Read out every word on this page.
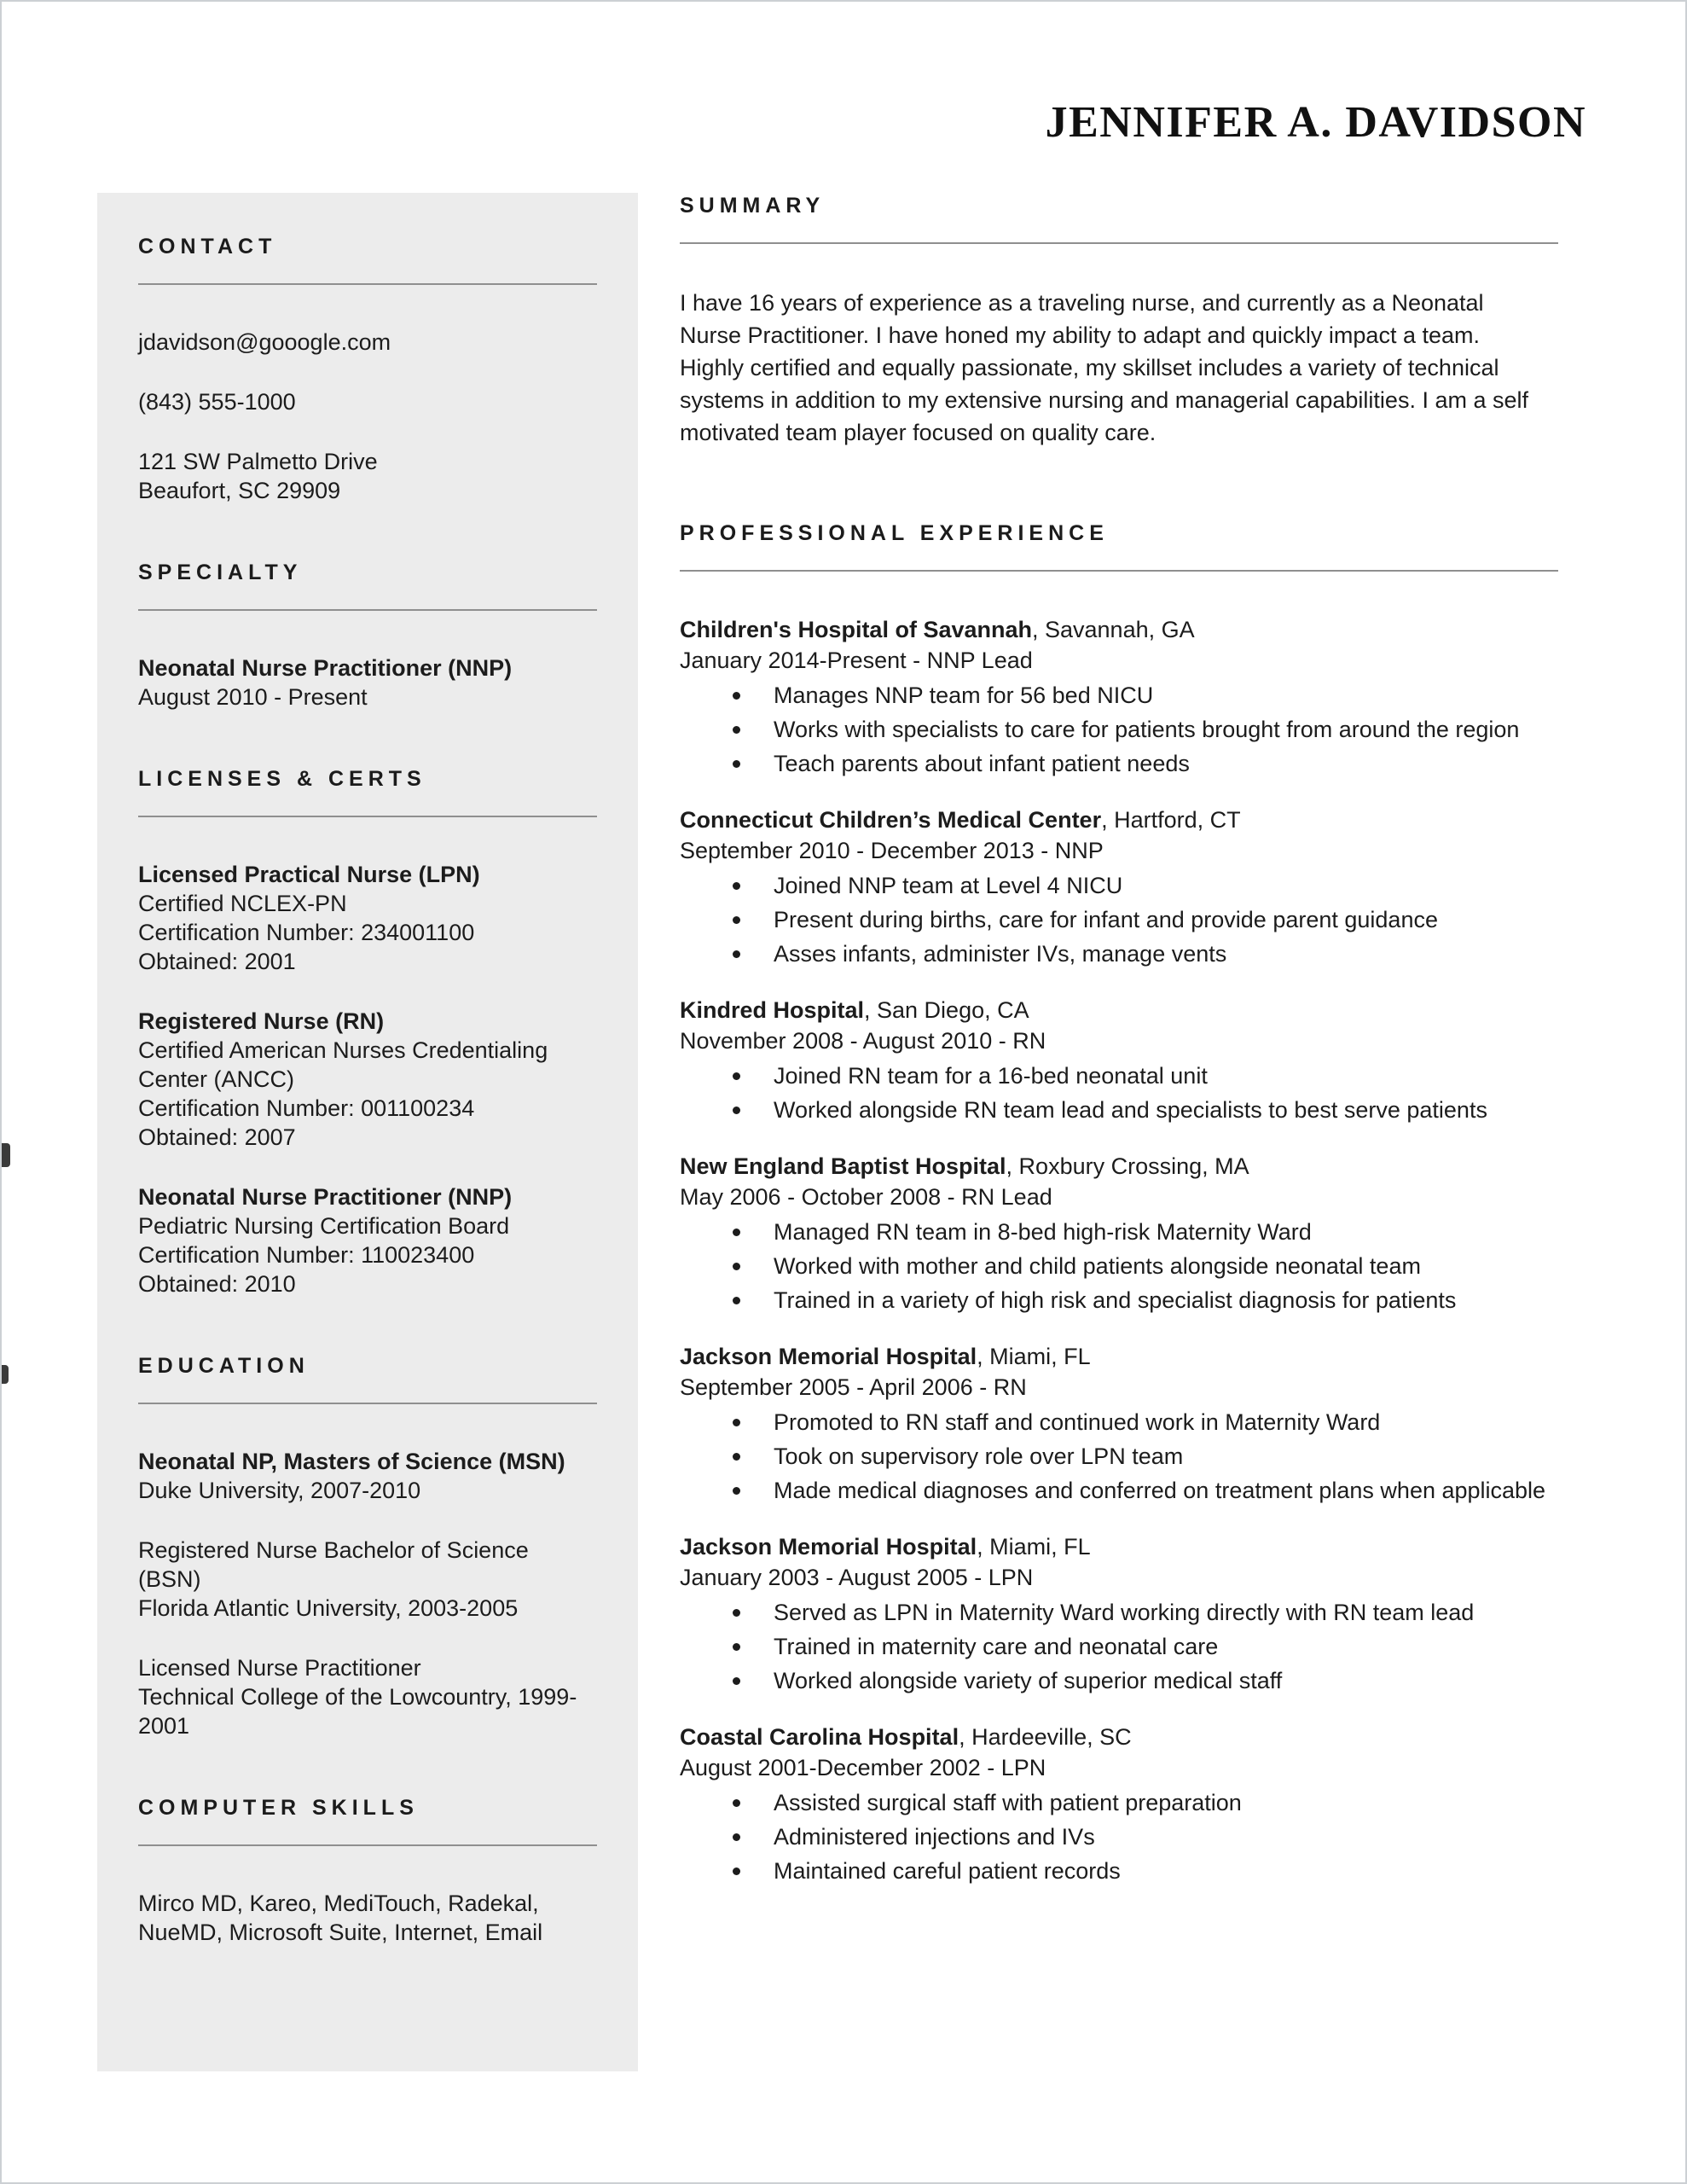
JENNIFER A. DAVIDSON
CONTACT
jdavidson@gooogle.com
(843) 555-1000
121 SW Palmetto Drive
Beaufort, SC 29909
SPECIALTY
Neonatal Nurse Practitioner (NNP)
August 2010 - Present
LICENSES & CERTS
Licensed Practical Nurse (LPN)
Certified NCLEX-PN
Certification Number: 234001100
Obtained: 2001
Registered Nurse (RN)
Certified American Nurses Credentialing Center (ANCC)
Certification Number: 001100234
Obtained: 2007
Neonatal Nurse Practitioner (NNP)
Pediatric Nursing Certification Board
Certification Number: 110023400
Obtained: 2010
EDUCATION
Neonatal NP, Masters of Science (MSN)
Duke University, 2007-2010
Registered Nurse Bachelor of Science (BSN)
Florida Atlantic University, 2003-2005
Licensed Nurse Practitioner
Technical College of the Lowcountry, 1999-2001
COMPUTER SKILLS
Mirco MD, Kareo, MediTouch, Radekal, NueMD, Microsoft Suite, Internet, Email
SUMMARY

I have 16 years of experience as a traveling nurse, and currently as a Neonatal Nurse Practitioner. I have honed my ability to adapt and quickly impact a team. Highly certified and equally passionate, my skillset includes a variety of technical systems in addition to my extensive nursing and managerial capabilities. I am a self motivated team player focused on quality care.

PROFESSIONAL EXPERIENCE
Children's Hospital of Savannah, Savannah, GA
January 2014-Present - NNP Lead
Manages NNP team for 56 bed NICU
Works with specialists to care for patients brought from around the region
Teach parents about infant patient needs
Connecticut Children’s Medical Center, Hartford, CT
September 2010 - December 2013 - NNP
Joined NNP team at Level 4 NICU
Present during births, care for infant and provide parent guidance
Asses infants, administer IVs, manage vents
Kindred Hospital, San Diego, CA
November 2008 - August 2010 - RN
Joined RN team for a 16-bed neonatal unit
Worked alongside RN team lead and specialists to best serve patients
New England Baptist Hospital, Roxbury Crossing, MA
May 2006 - October 2008 - RN Lead
Managed RN team in 8-bed high-risk Maternity Ward
Worked with mother and child patients alongside neonatal team
Trained in a variety of high risk and specialist diagnosis for patients
Jackson Memorial Hospital, Miami, FL
September 2005 - April 2006 - RN
Promoted to RN staff and continued work in Maternity Ward
Took on supervisory role over LPN team
Made medical diagnoses and conferred on treatment plans when applicable
Jackson Memorial Hospital, Miami, FL
January 2003 - August 2005 - LPN
Served as LPN in Maternity Ward working directly with RN team lead
Trained in maternity care and neonatal care
Worked alongside variety of superior medical staff
Coastal Carolina Hospital, Hardeeville, SC
August 2001-December 2002 - LPN
Assisted surgical staff with patient preparation
Administered injections and IVs
Maintained careful patient records
